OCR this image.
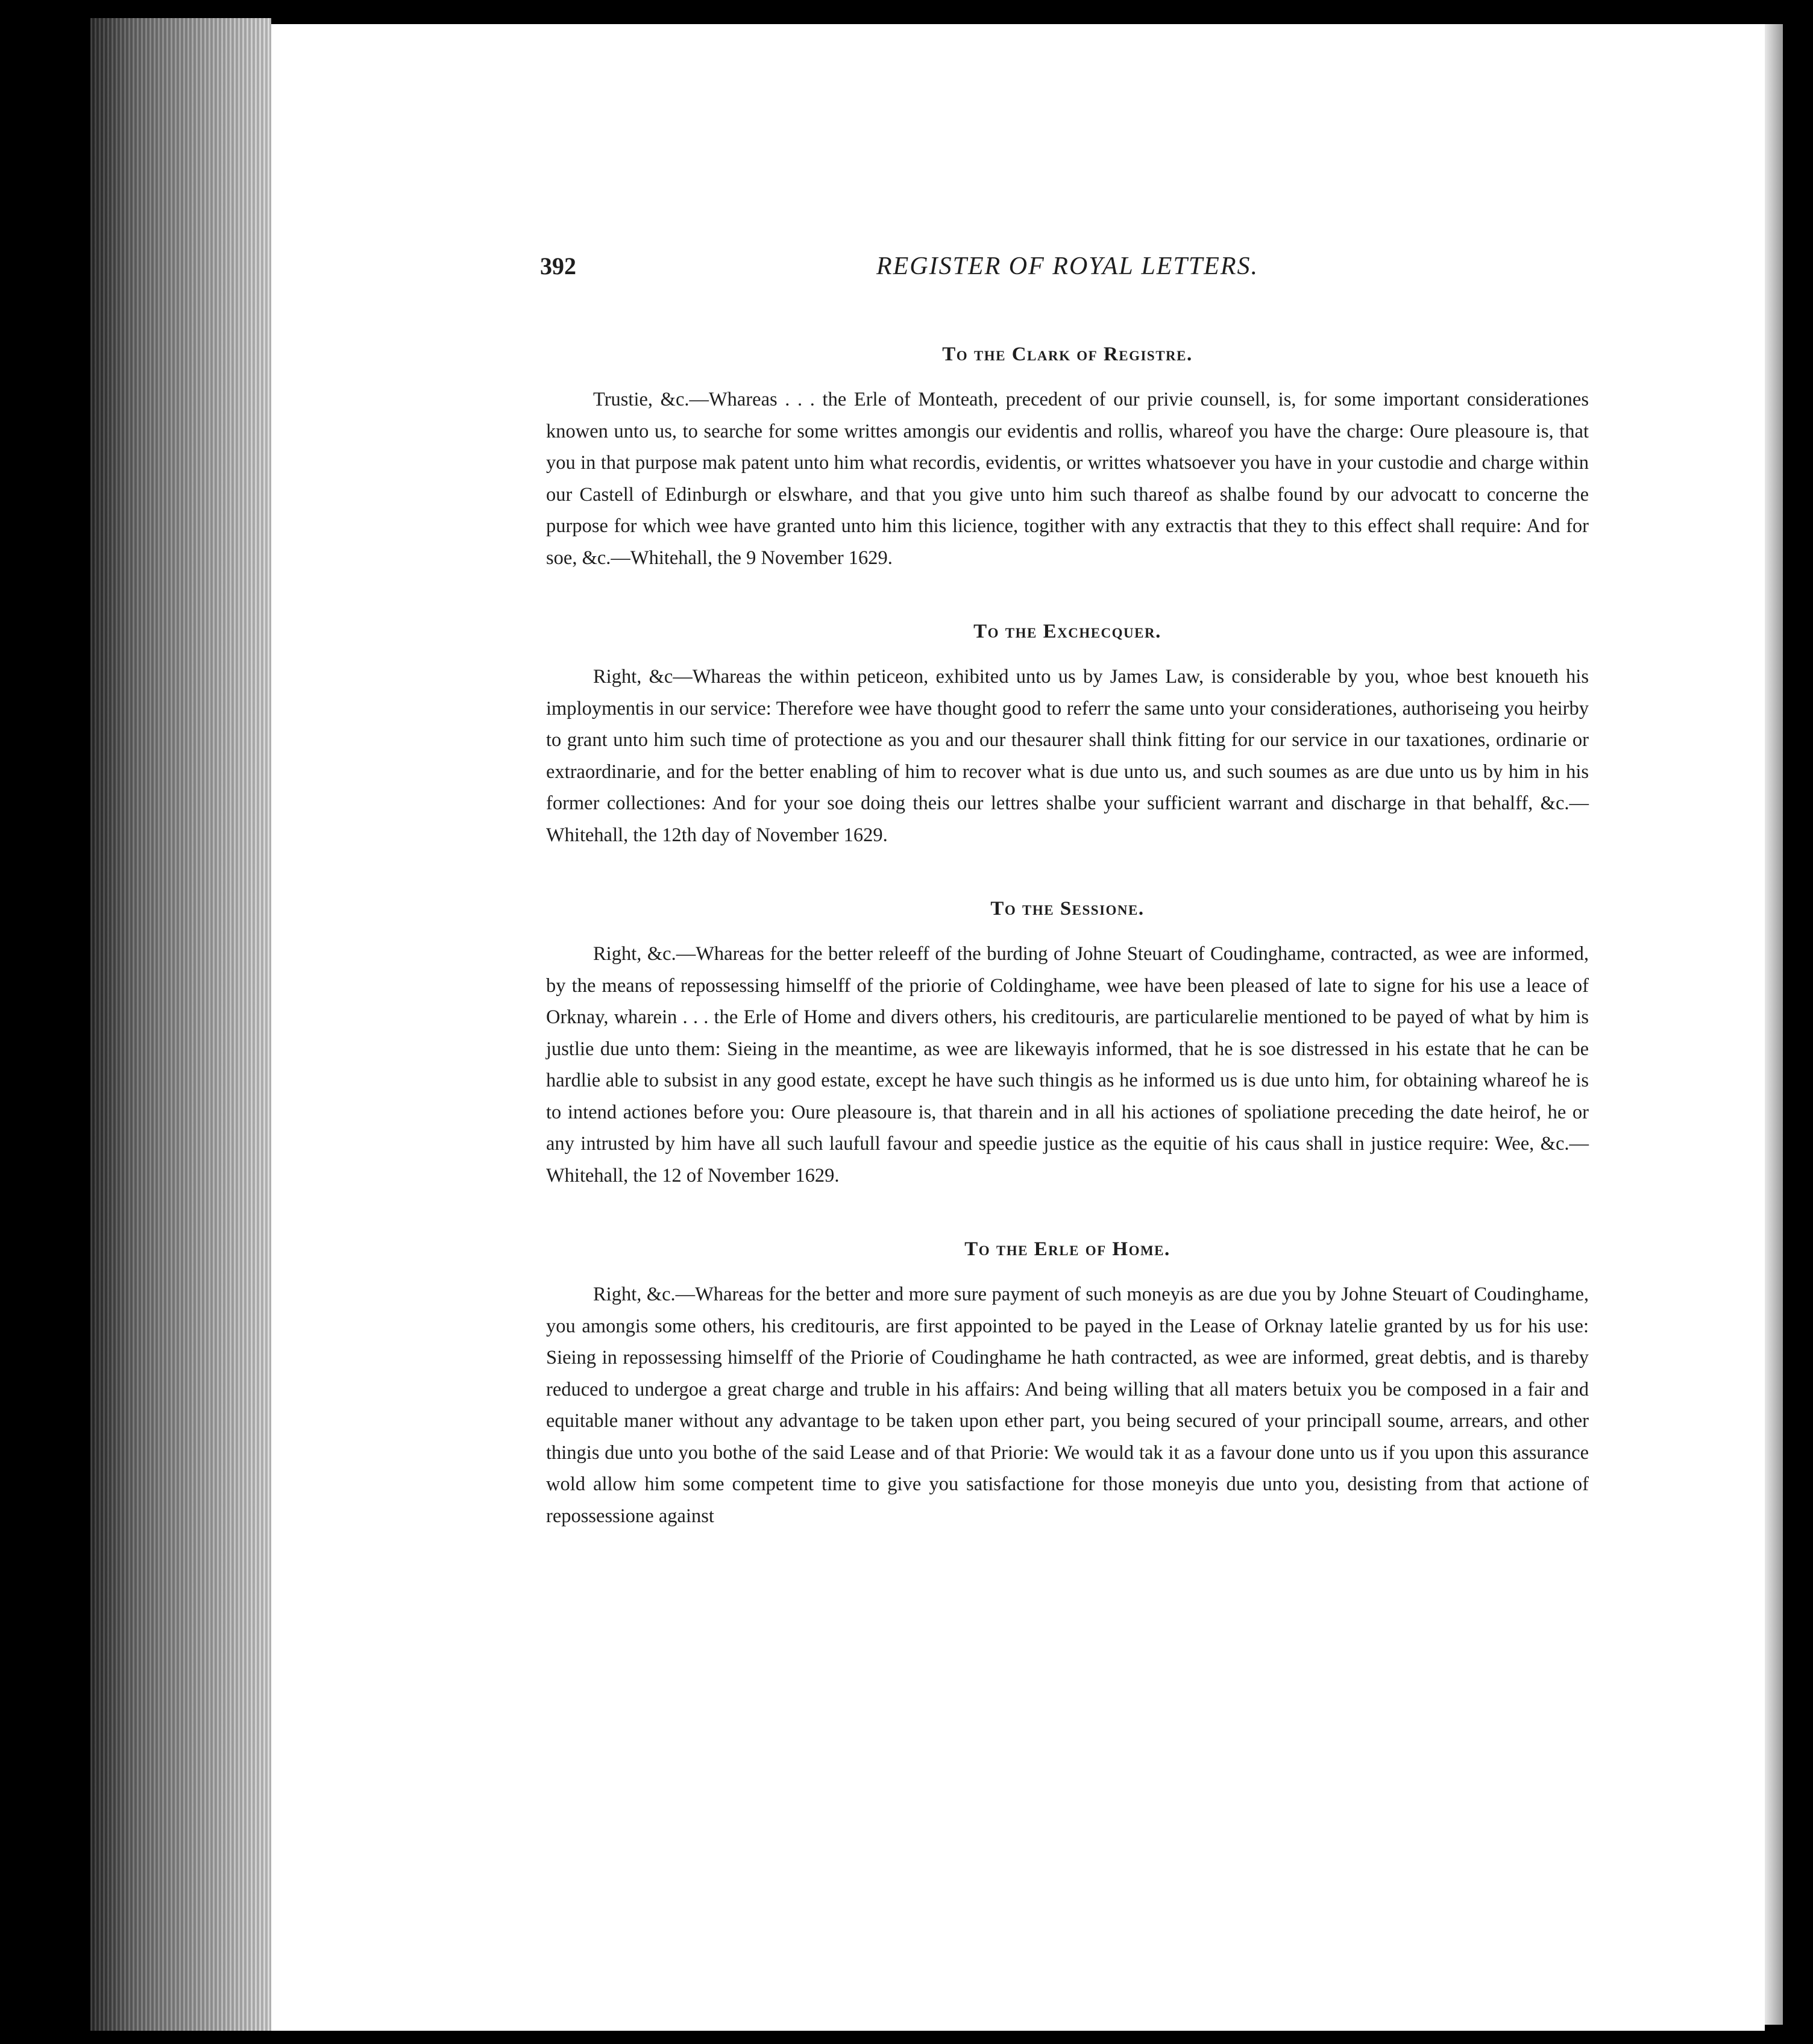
392	REGISTER OF ROYAL LETTERS.
To the Clark of Registre.

Trustie, &c.—Whareas . . . the Erle of Monteath, precedent of our privie counsell, is, for some important considerationes knowen unto us, to searche for some writtes amongis our evidentis and rollis, whareof you have the charge: Oure pleasoure is, that you in that purpose mak patent unto him what recordis, evidentis, or writtes whatsoever you have in your custodie and charge within our Castell of Edinburgh or elswhare, and that you give unto him such thareof as shalbe found by our advocatt to concerne the purpose for which wee have granted unto him this licience, togither with any extractis that they to this effect shall require: And for soe, &c.—Whitehall, the 9 November 1629.

To the Exchecquer.

Right, &c—Whareas the within peticeon, exhibited unto us by James Law, is considerable by you, whoe best knoueth his imploymentis in our service: Therefore wee have thought good to referr the same unto your considerationes, authoriseing you heirby to grant unto him such time of protectione as you and our thesaurer shall think fitting for our service in our taxationes, ordinarie or extraordinarie, and for the better enabling of him to recover what is due unto us, and such soumes as are due unto us by him in his former collectiones: And for your soe doing theis our lettres shalbe your sufficient warrant and discharge in that behalff, &c.—Whitehall, the 12th day of November 1629.

To the Sessione.

Right, &c.—Whareas for the better releeff of the burding of Johne Steuart of Coudinghame, contracted, as wee are informed, by the means of repossessing himselff of the priorie of Coldinghame, wee have been pleased of late to signe for his use a leace of Orknay, wharein . . . the Erle of Home and divers others, his creditouris, are particularelie mentioned to be payed of what by him is justlie due unto them: Sieing in the meantime, as wee are likewayis informed, that he is soe distressed in his estate that he can be hardlie able to subsist in any good estate, except he have such thingis as he informed us is due unto him, for obtaining whareof he is to intend actiones before you: Oure pleasoure is, that tharein and in all his actiones of spoliatione preceding the date heirof, he or any intrusted by him have all such laufull favour and speedie justice as the equitie of his caus shall in justice require: Wee, &c.—Whitehall, the 12 of November 1629.

To the Erle of Home.

Right, &c.—Whareas for the better and more sure payment of such moneyis as are due you by Johne Steuart of Coudinghame, you amongis some others, his creditouris, are first appointed to be payed in the Lease of Orknay latelie granted by us for his use: Sieing in repossessing himselff of the Priorie of Coudinghame he hath contracted, as wee are informed, great debtis, and is thareby reduced to undergoe a great charge and truble in his affairs: And being willing that all maters betuix you be composed in a fair and equitable maner without any advantage to be taken upon ether part, you being secured of your principall soume, arrears, and other thingis due unto you bothe of the said Lease and of that Priorie: We would tak it as a favour done unto us if you upon this assurance wold allow him some competent time to give you satisfactione for those moneyis due unto you, desisting from that actione of repossessione against
